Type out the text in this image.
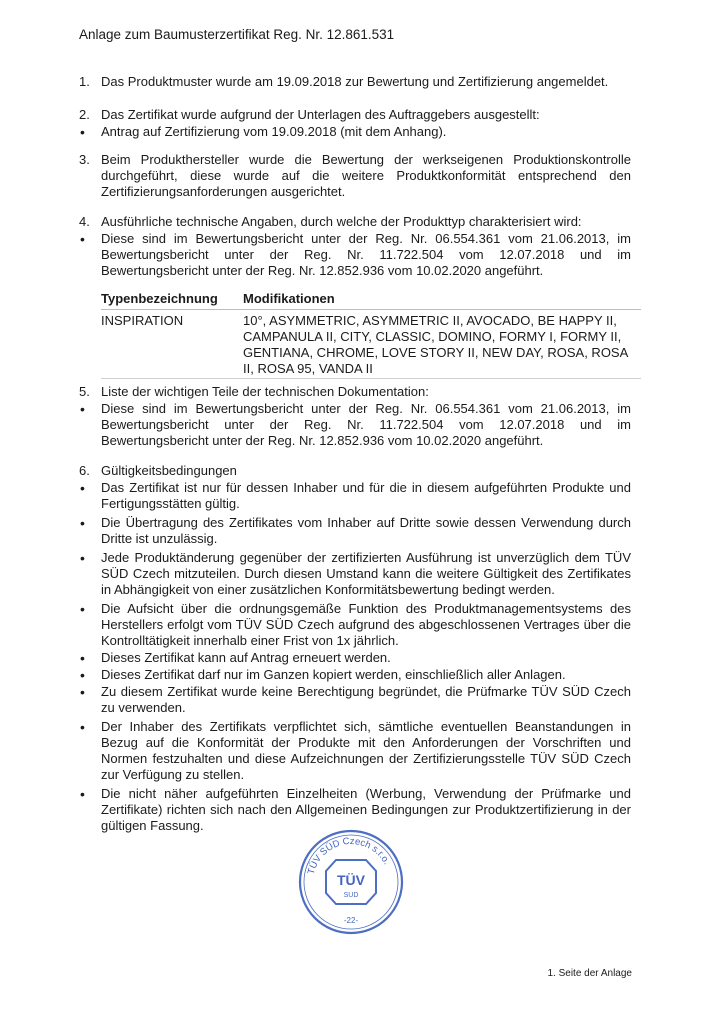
Anlage zum Baumusterzertifikat Reg. Nr. 12.861.531
1. Das Produktmuster wurde am 19.09.2018 zur Bewertung und Zertifizierung angemeldet.
2. Das Zertifikat wurde aufgrund der Unterlagen des Auftraggebers ausgestellt:
• Antrag auf Zertifizierung vom 19.09.2018 (mit dem Anhang).
3. Beim Produkthersteller wurde die Bewertung der werkseigenen Produktionskontrolle durchgeführt, diese wurde auf die weitere Produktkonformität entsprechend den Zertifizierungsanforderungen ausgerichtet.
4. Ausführliche technische Angaben, durch welche der Produkttyp charakterisiert wird:
• Diese sind im Bewertungsbericht unter der Reg. Nr. 06.554.361 vom 21.06.2013, im Bewertungsbericht unter der Reg. Nr. 11.722.504 vom 12.07.2018 und im Bewertungsbericht unter der Reg. Nr. 12.852.936 vom 10.02.2020 angeführt.
Typenbezeichnung	Modifikationen
INSPIRATION	10°, ASYMMETRIC, ASYMMETRIC II, AVOCADO, BE HAPPY II, CAMPANULA II, CITY, CLASSIC, DOMINO, FORMY I, FORMY II, GENTIANA, CHROME, LOVE STORY II, NEW DAY, ROSA, ROSA II, ROSA 95, VANDA II
5. Liste der wichtigen Teile der technischen Dokumentation:
• Diese sind im Bewertungsbericht unter der Reg. Nr. 06.554.361 vom 21.06.2013, im Bewertungsbericht unter der Reg. Nr. 11.722.504 vom 12.07.2018 und im Bewertungsbericht unter der Reg. Nr. 12.852.936 vom 10.02.2020 angeführt.
6. Gültigkeitsbedingungen
• Das Zertifikat ist nur für dessen Inhaber und für die in diesem aufgeführten Produkte und Fertigungsstätten gültig.
• Die Übertragung des Zertifikates vom Inhaber auf Dritte sowie dessen Verwendung durch Dritte ist unzulässig.
• Jede Produktänderung gegenüber der zertifizierten Ausführung ist unverzüglich dem TÜV SÜD Czech mitzuteilen. Durch diesen Umstand kann die weitere Gültigkeit des Zertifikates in Abhängigkeit von einer zusätzlichen Konformitätsbewertung bedingt werden.
• Die Aufsicht über die ordnungsgemäße Funktion des Produktmanagementsystems des Herstellers erfolgt vom TÜV SÜD Czech aufgrund des abgeschlossenen Vertrages über die Kontrolltätigkeit innerhalb einer Frist von 1x jährlich.
• Dieses Zertifikat kann auf Antrag erneuert werden.
• Dieses Zertifikat darf nur im Ganzen kopiert werden, einschließlich aller Anlagen.
• Zu diesem Zertifikat wurde keine Berechtigung begründet, die Prüfmarke TÜV SÜD Czech zu verwenden.
• Der Inhaber des Zertifikats verpflichtet sich, sämtliche eventuellen Beanstandungen in Bezug auf die Konformität der Produkte mit den Anforderungen der Vorschriften und Normen festzuhalten und diese Aufzeichnungen der Zertifizierungsstelle TÜV SÜD Czech zur Verfügung zu stellen.
• Die nicht näher aufgeführten Einzelheiten (Werbung, Verwendung der Prüfmarke und Zertifikate) richten sich nach den Allgemeinen Bedingungen zur Produktzertifizierung in der gültigen Fassung.
TÜV SÜD Czech s.r.o.
TÜV
SÜD
-22-
1. Seite der Anlage
